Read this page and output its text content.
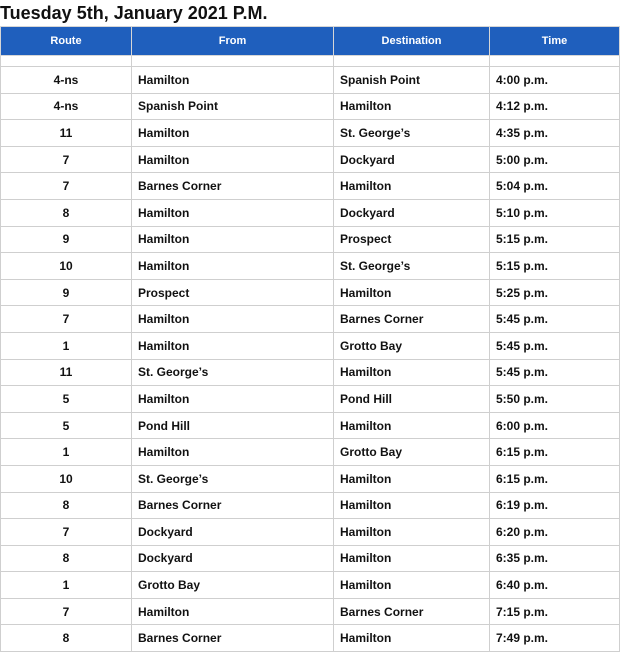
Tuesday 5th, January 2021 P.M.
Route	From	Destination	Time

4-ns	Hamilton	Spanish Point	4:00 p.m.
4-ns	Spanish Point	Hamilton	4:12 p.m.
11	Hamilton	St. George’s	4:35 p.m.
7	Hamilton	Dockyard	5:00 p.m.
7	Barnes Corner	Hamilton	5:04 p.m.
8	Hamilton	Dockyard	5:10 p.m.
9	Hamilton	Prospect	5:15 p.m.
10	Hamilton	St. George’s	5:15 p.m.
9	Prospect	Hamilton	5:25 p.m.
7	Hamilton	Barnes Corner	5:45 p.m.
1	Hamilton	Grotto Bay	5:45 p.m.
11	St. George’s	Hamilton	5:45 p.m.
5	Hamilton	Pond Hill	5:50 p.m.
5	Pond Hill	Hamilton	6:00 p.m.
1	Hamilton	Grotto Bay	6:15 p.m.
10	St. George’s	Hamilton	6:15 p.m.
8	Barnes Corner	Hamilton	6:19 p.m.
7	Dockyard	Hamilton	6:20 p.m.
8	Dockyard	Hamilton	6:35 p.m.
1	Grotto Bay	Hamilton	6:40 p.m.
7	Hamilton	Barnes Corner	7:15 p.m.
8	Barnes Corner	Hamilton	7:49 p.m.
